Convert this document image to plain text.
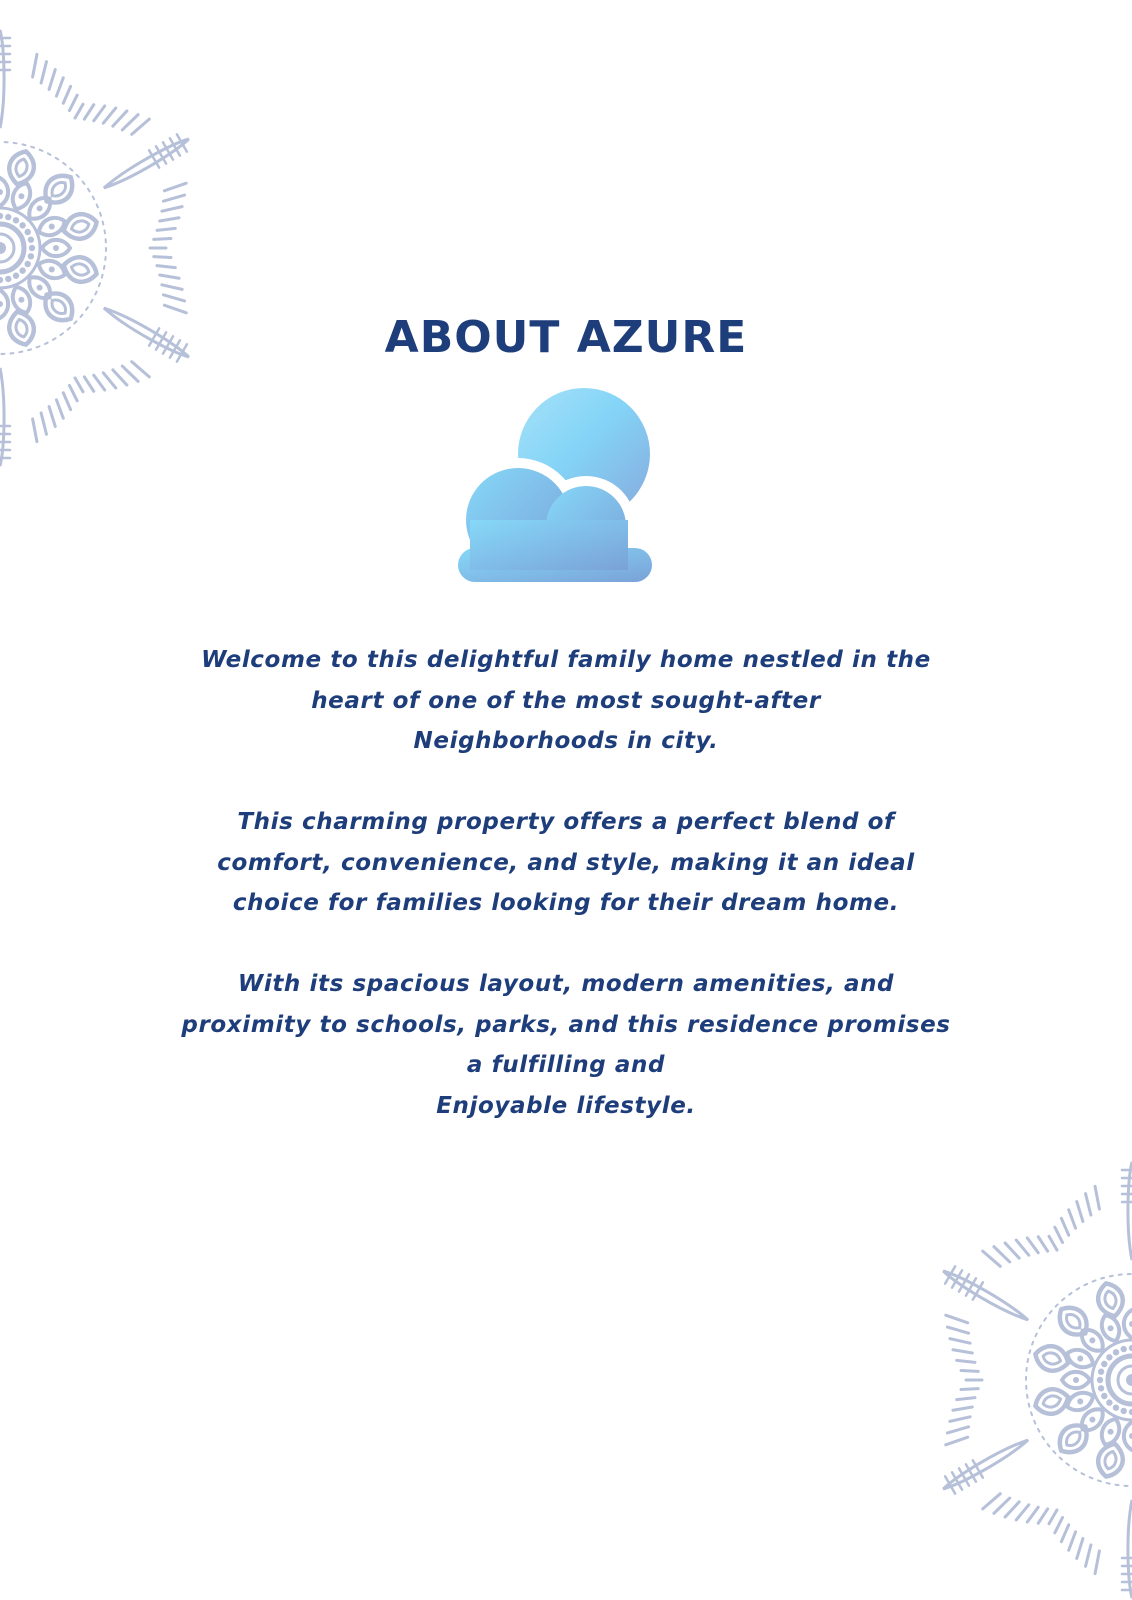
ABOUT AZURE

Welcome to this delightful family home nestled in the
heart of one of the most sought-after
Neighborhoods in city.

This charming property offers a perfect blend of
comfort, convenience, and style, making it an ideal
choice for families looking for their dream home.

With its spacious layout, modern amenities, and
proximity to schools, parks, and this residence promises
a fulfilling and
Enjoyable lifestyle.
